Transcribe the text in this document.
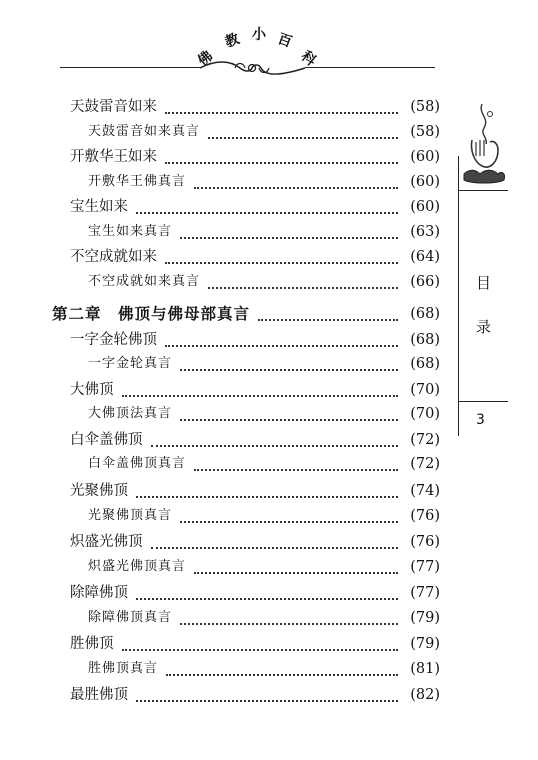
佛
教 小 百
科
天鼓雷音如来	(58)
天鼓雷音如来真言	(58)
开敷华王如来	(60)
开敷华王佛真言	(60)
宝生如来	(60)
宝生如来真言	(63)
不空成就如来	(64)
不空成就如来真言	(66)
第二章　佛顶与佛母部真言	(68)
一字金轮佛顶	(68)
一字金轮真言	(68)
大佛顶	(70)
大佛顶法真言	(70)
白伞盖佛顶	(72)
白伞盖佛顶真言	(72)
光聚佛顶	(74)
光聚佛顶真言	(76)
炽盛光佛顶	(76)
炽盛光佛顶真言	(77)
除障佛顶	(77)
除障佛顶真言	(79)
胜佛顶	(79)
胜佛顶真言	(81)
最胜佛顶	(82)
目
录
3
